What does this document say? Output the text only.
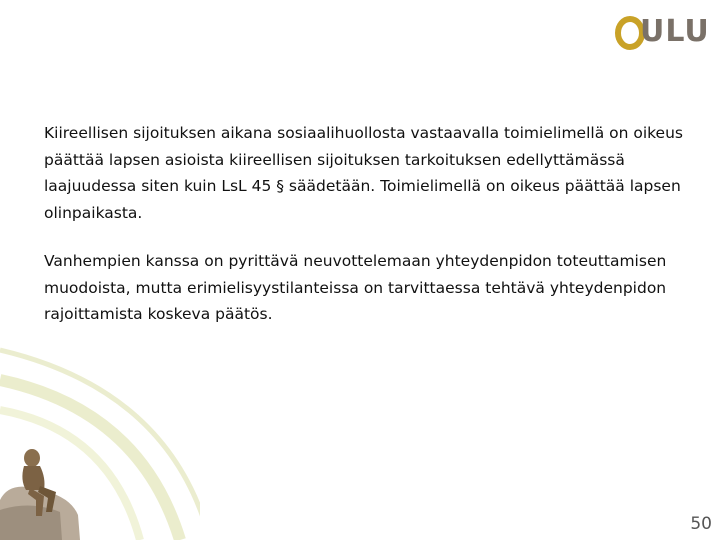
ULU

Kiireellisen sijoituksen aikana sosiaalihuollosta vastaavalla toimielimellä on oikeus päättää lapsen asioista kiireellisen sijoituksen tarkoituksen edellyttämässä laajuudessa siten kuin LsL 45 § säädetään. Toimielimellä on oikeus päättää lapsen olinpaikasta.

Vanhempien kanssa on pyrittävä neuvottelemaan yhteydenpidon toteuttamisen muodoista, mutta erimielisyystilanteissa on tarvittaessa tehtävä yhteydenpidon rajoittamista koskeva päätös.

50
